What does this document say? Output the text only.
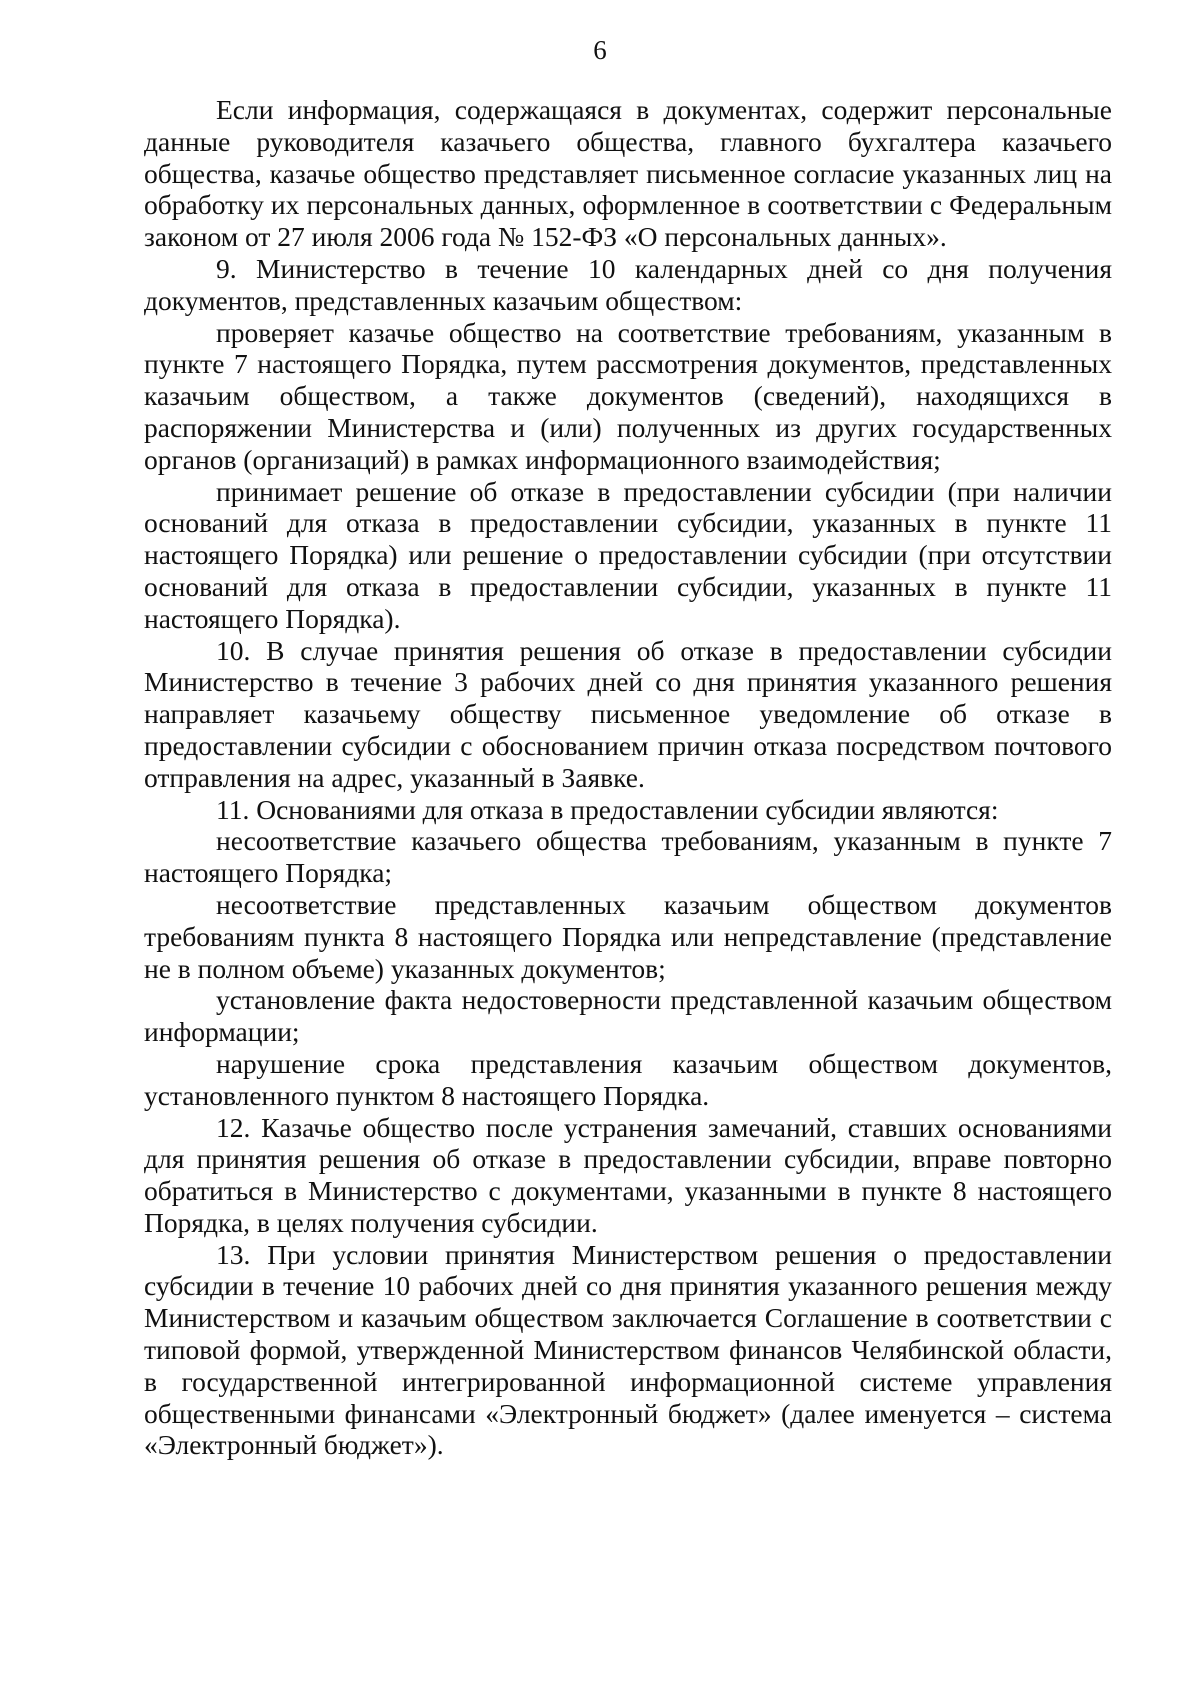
6

Если информация, содержащаяся в документах, содержит персональные данные руководителя казачьего общества, главного бухгалтера казачьего общества, казачье общество представляет письменное согласие указанных лиц на обработку их персональных данных, оформленное в соответствии с Федеральным законом от 27 июля 2006 года № 152-ФЗ «О персональных данных».

9. Министерство в течение 10 календарных дней со дня получения документов, представленных казачьим обществом:

проверяет казачье общество на соответствие требованиям, указанным в пункте 7 настоящего Порядка, путем рассмотрения документов, представленных казачьим обществом, а также документов (сведений), находящихся в распоряжении Министерства и (или) полученных из других государственных органов (организаций) в рамках информационного взаимодействия;

принимает решение об отказе в предоставлении субсидии (при наличии оснований для отказа в предоставлении субсидии, указанных в пункте 11 настоящего Порядка) или решение о предоставлении субсидии (при отсутствии оснований для отказа в предоставлении субсидии, указанных в пункте 11 настоящего Порядка).

10. В случае принятия решения об отказе в предоставлении субсидии Министерство в течение 3 рабочих дней со дня принятия указанного решения направляет казачьему обществу письменное уведомление об отказе в предоставлении субсидии с обоснованием причин отказа посредством почтового отправления на адрес, указанный в Заявке.

11. Основаниями для отказа в предоставлении субсидии являются:

несоответствие казачьего общества требованиям, указанным в пункте 7 настоящего Порядка;

несоответствие представленных казачьим обществом документов требованиям пункта 8 настоящего Порядка или непредставление (представление не в полном объеме) указанных документов;

установление факта недостоверности представленной казачьим обществом информации;

нарушение срока представления казачьим обществом документов, установленного пунктом 8 настоящего Порядка.

12. Казачье общество после устранения замечаний, ставших основаниями для принятия решения об отказе в предоставлении субсидии, вправе повторно обратиться в Министерство с документами, указанными в пункте 8 настоящего Порядка, в целях получения субсидии.

13. При условии принятия Министерством решения о предоставлении субсидии в течение 10 рабочих дней со дня принятия указанного решения между Министерством и казачьим обществом заключается Соглашение в соответствии с типовой формой, утвержденной Министерством финансов Челябинской области, в государственной интегрированной информационной системе управления общественными финансами «Электронный бюджет» (далее именуется – система «Электронный бюджет»).
